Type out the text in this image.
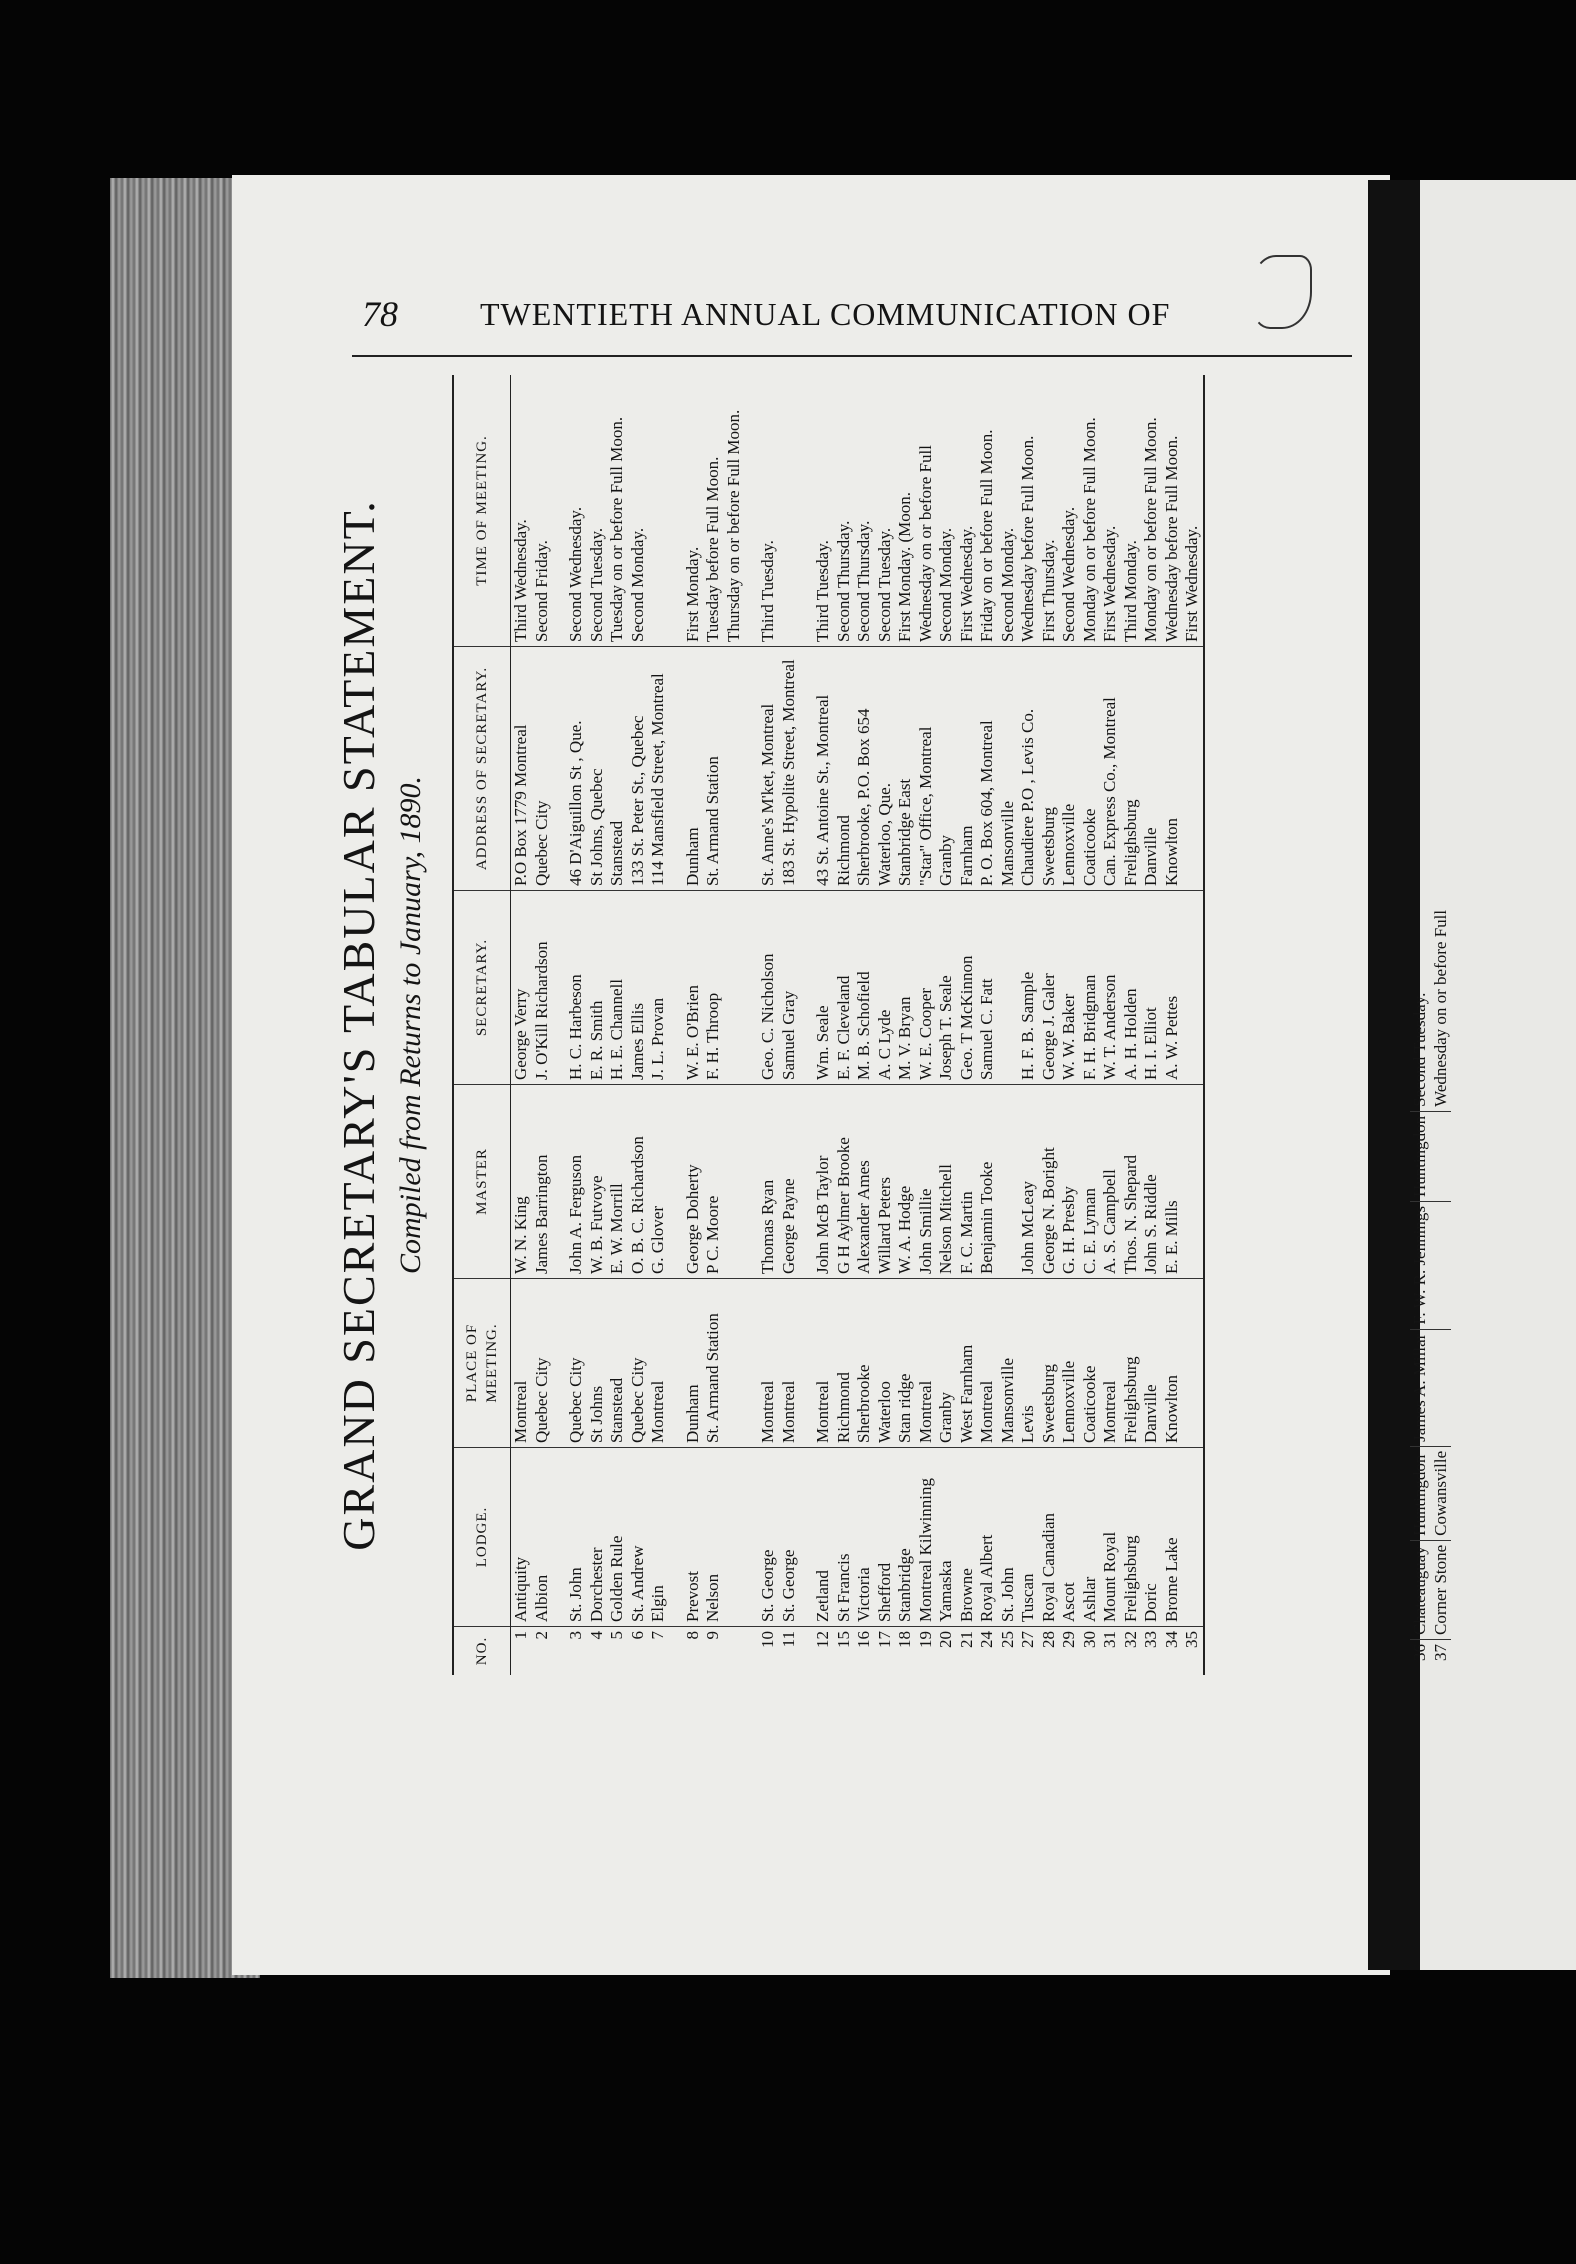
78	TWENTIETH ANNUAL COMMUNICATION OF
GRAND SECRETARY'S TABULAR STATEMENT. Compiled from Returns to January, 1890.
NO.	LODGE.	PLACE OF MEETING.	MASTER	SECRETARY.	ADDRESS OF SECRETARY.	TIME OF MEETING.
1	Antiquity	Montreal	W. N. King	George Verry	P.O Box 1779 Montreal	Third Wednesday.
2	Albion	Quebec City	James Barrington	J. O'Kill Richardson	Quebec City	Second Friday.

3	St. John	Quebec City	John A. Ferguson	H. C. Harbeson	46 D'Aiguillon St , Que.	Second Wednesday.
4	Dorchester	St Johns	W. B. Futvoye	E. R. Smith	St Johns, Quebec	Second Tuesday.
5	Golden Rule	Stanstead	E. W. Morrill	H. E. Channell	Stanstead	Tuesday on or before Full Moon.
6	St. Andrew	Quebec City	O. B. C. Richardson	James Ellis	133 St. Peter St., Quebec	Second Monday.
7	Elgin	Montreal	G. Glover	J. L. Provan	114 Mansfield Street, Montreal	

8	Prevost	Dunham	George Doherty	W. E. O'Brien	Dunham	First Monday.
9	Nelson	St. Armand Station	P C. Moore	F. H. Throop	St. Armand Station	Tuesday before Full Moon.
						Thursday on or before Full Moon.

10	St. George	Montreal	Thomas Ryan	Geo. C. Nicholson	St. Anne's M'ket, Montreal	Third Tuesday.
11	St. George	Montreal	George Payne	Samuel Gray	183 St. Hypolite Street, Montreal	

12	Zetland	Montreal	John McB Taylor	Wm. Seale	43 St. Antoine St., Montreal	Third Tuesday.
15	St Francis	Richmond	G H Aylmer Brooke	E. F. Cleveland	Richmond	Second Thursday.
16	Victoria	Sherbrooke	Alexander Ames	M. B. Schofield	Sherbrooke, P.O. Box 654	Second Thursday.
17	Shefford	Waterloo	Willard Peters	A. C Lyde	Waterloo, Que.	Second Tuesday.
18	Stanbridge	Stan ridge	W. A. Hodge	M. V. Bryan	Stanbridge East	First Monday. (Moon.
19	Montreal Kilwinning	Montreal	John Smillie	W. E. Cooper	"Star" Office, Montreal	Wednesday on or before Full
20	Yamaska	Granby	Nelson Mitchell	Joseph T. Seale	Granby	Second Monday.
21	Browne	West Farnham	F. C. Martin	Geo. T McKinnon	Farnham	First Wednesday.
24	Royal Albert	Montreal	Benjamin Tooke	Samuel C. Fatt	P. O. Box 604, Montreal	Friday on or before Full Moon.
25	St. John	Mansonville			Mansonville	Second Monday.
27	Tuscan	Levis	John McLeay	H. F. B. Sample	Chaudiere P.O , Levis Co.	Wednesday before Full Moon.
28	Royal Canadian	Sweetsburg	George N. Boright	George J. Galer	Sweetsburg	First Thursday.
29	Ascot	Lennoxville	G. H. Presby	W. W. Baker	Lennoxville	Second Wednesday.
30	Ashlar	Coaticooke	C. E. Lyman	F. H. Bridgman	Coaticooke	Monday on or before Full Moon.
31	Mount Royal	Montreal	A. S. Campbell	W. T. Anderson	Can. Express Co., Montreal	First Wednesday.
32	Frelighsburg	Frelighsburg	Thos. N. Shepard	A. H. Holden	Frelighsburg	Third Monday.
33	Doric	Danville	John S. Riddle	H. I. Elliot	Danville	Monday on or before Full Moon.
34	Brome Lake	Knowlton	E. E. Mills	A. W. Pettes	Knowlton	Wednesday before Full Moon.
35						First Wednesday.
36	Chateauguay	Huntingdon	James A. Millar	F. W. R. Jennings	Huntingdon	Second Tuesday.
37	Corner Stone	Cowansville				Wednesday on or before Full
